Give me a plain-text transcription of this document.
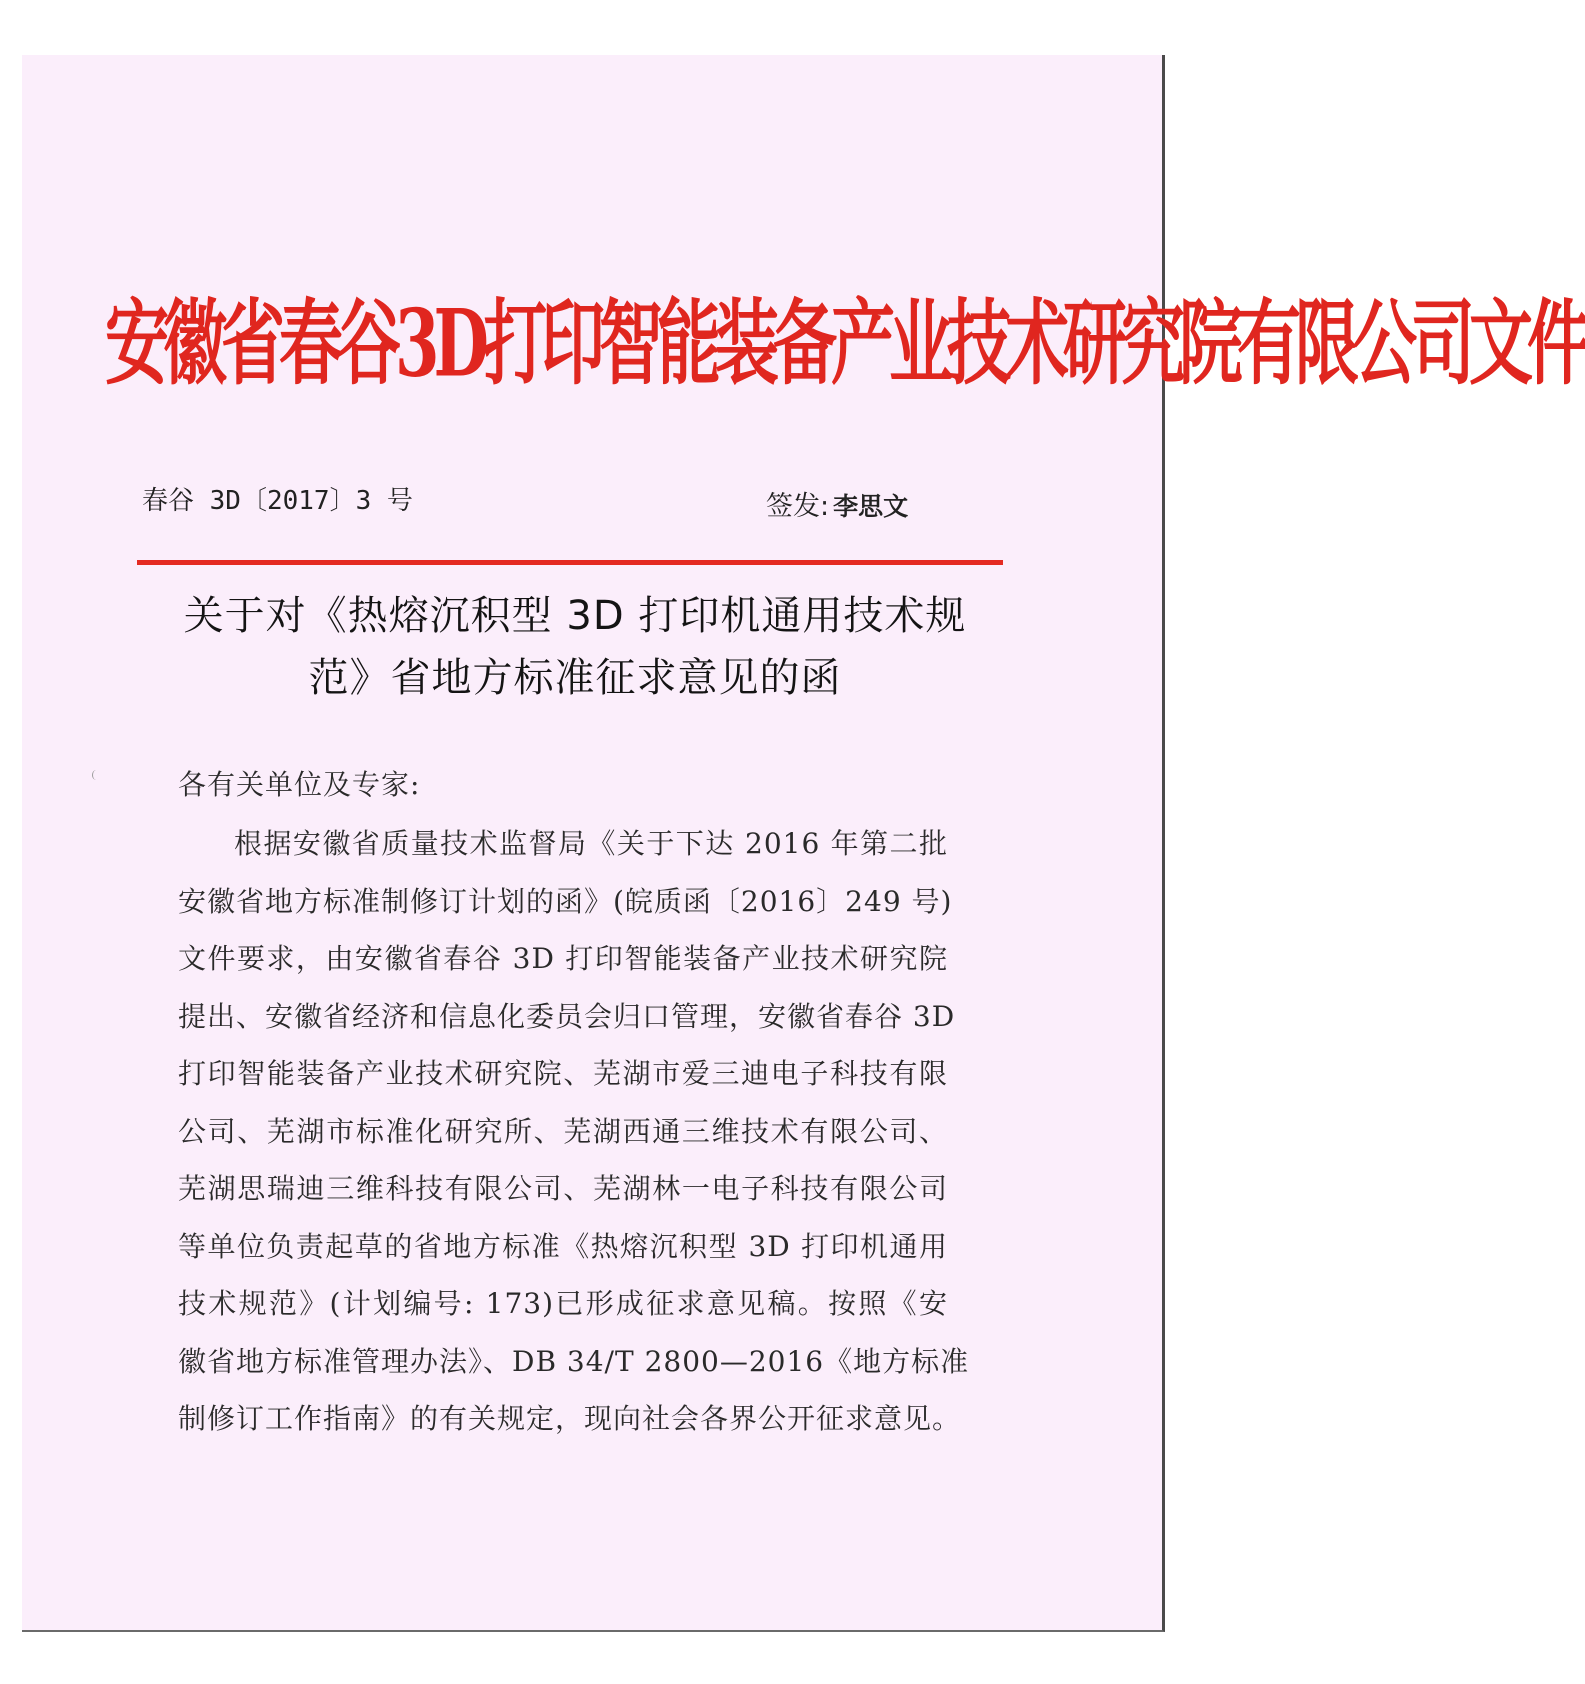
安徽省春谷3D打印智能装备产业技术研究院有限公司文件
春谷 3D〔2017〕3 号	签发: 李思文
关于对《热熔沉积型 3D 打印机通用技术规
范》省地方标准征求意见的函
各有关单位及专家:
根据安徽省质量技术监督局《关于下达 2016 年第二批
安徽省地方标准制修订计划的函》(皖质函〔2016〕249 号)
文件要求，由安徽省春谷 3D 打印智能装备产业技术研究院
提出、安徽省经济和信息化委员会归口管理，安徽省春谷 3D
打印智能装备产业技术研究院、芜湖市爱三迪电子科技有限
公司、芜湖市标准化研究所、芜湖西通三维技术有限公司、
芜湖思瑞迪三维科技有限公司、芜湖林一电子科技有限公司
等单位负责起草的省地方标准《热熔沉积型 3D 打印机通用
技术规范》(计划编号: 173)已形成征求意见稿。按照《安
徽省地方标准管理办法》、DB 34/T 2800—2016《地方标准
制修订工作指南》的有关规定，现向社会各界公开征求意见。
